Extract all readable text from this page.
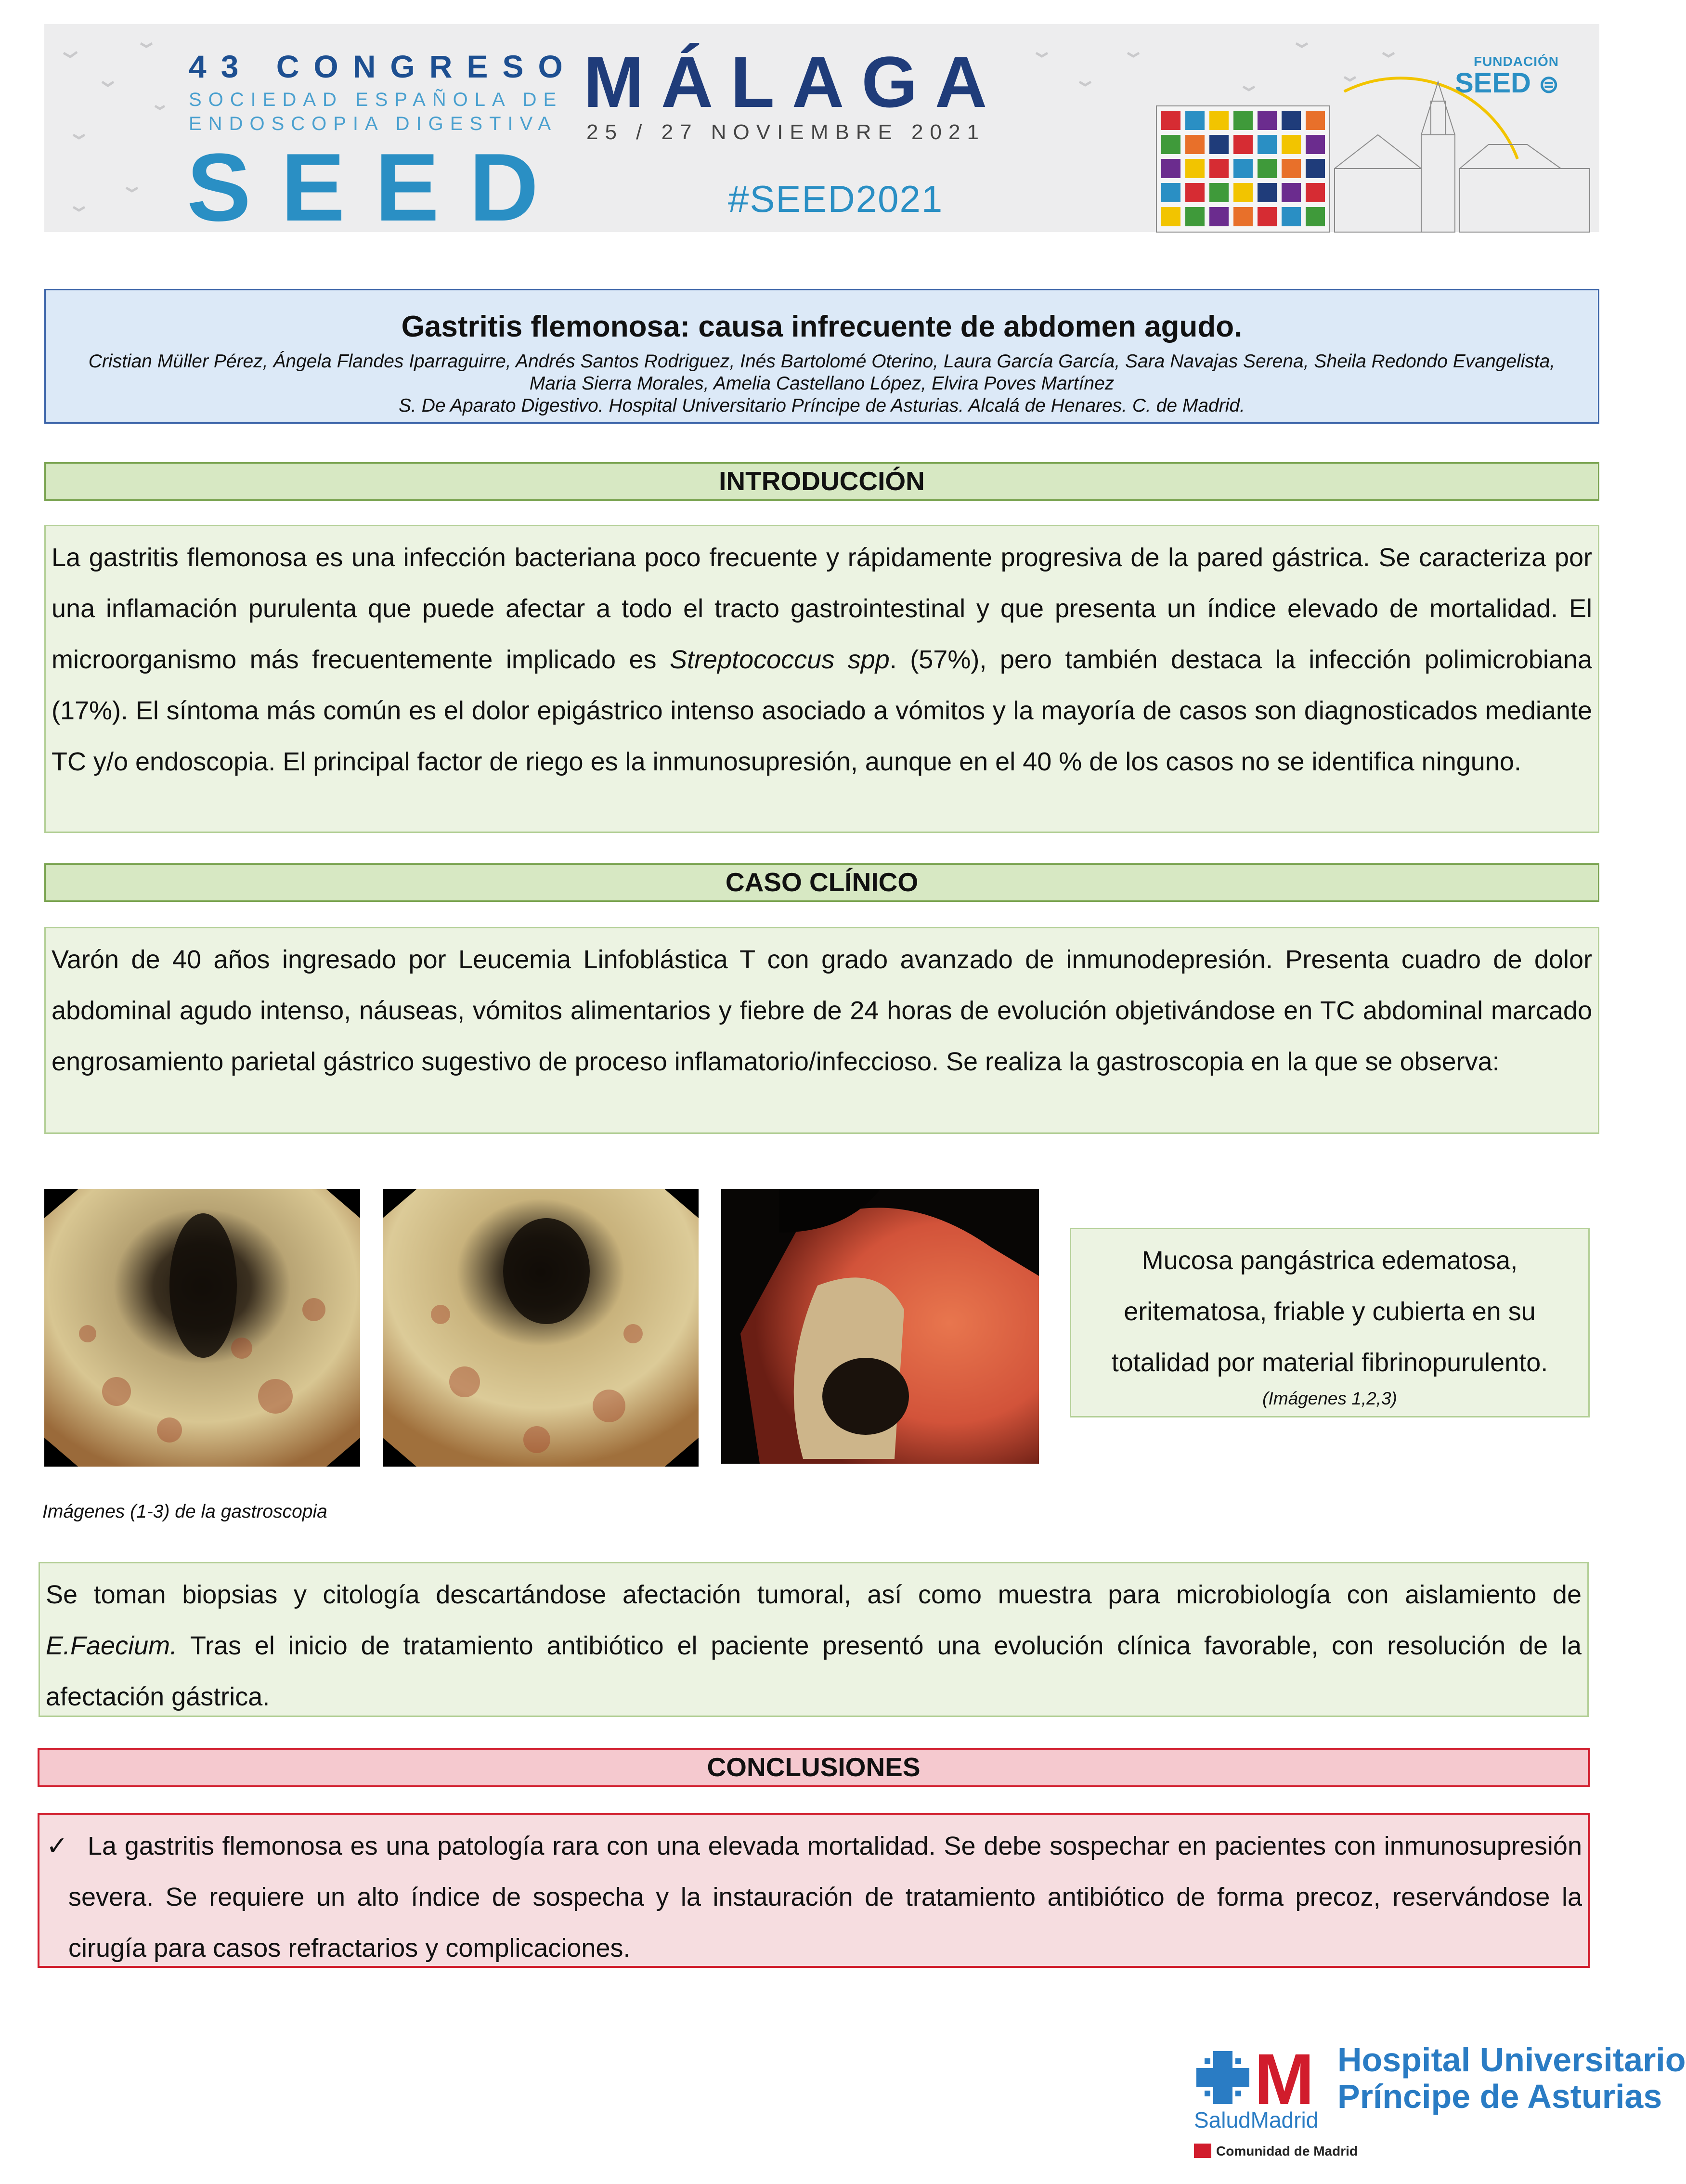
43 CONGRESO
SOCIEDAD ESPAÑOLA DE
ENDOSCOPIA DIGESTIVA
SEED
MÁLAGA
25 / 27 NOVIEMBRE 2021
#SEED2021
FUNDACIÓN
SEED ⊜
Gastritis flemonosa: causa infrecuente de abdomen agudo.
Cristian Müller Pérez, Ángela Flandes Iparraguirre, Andrés Santos Rodriguez, Inés Bartolomé Oterino, Laura García García, Sara Navajas Serena, Sheila Redondo Evangelista, Maria Sierra Morales, Amelia Castellano López, Elvira Poves Martínez
S. De Aparato Digestivo. Hospital Universitario Príncipe de Asturias. Alcalá de Henares. C. de Madrid.
INTRODUCCIÓN
La gastritis flemonosa es una infección bacteriana poco frecuente y rápidamente progresiva de la pared gástrica. Se caracteriza por una inflamación purulenta que puede afectar a todo el tracto gastrointestinal y que presenta un índice elevado de mortalidad. El microorganismo más frecuentemente implicado es Streptococcus spp. (57%), pero también destaca la infección polimicrobiana (17%). El síntoma más común es el dolor epigástrico intenso asociado a vómitos y la mayoría de casos son diagnosticados mediante TC y/o endoscopia. El principal factor de riego es la inmunosupresión, aunque en el 40 % de los casos no se identifica ninguno.
CASO CLÍNICO
Varón de 40 años ingresado por Leucemia Linfoblástica T con grado avanzado de inmunodepresión. Presenta cuadro de dolor abdominal agudo intenso, náuseas, vómitos alimentarios y fiebre de 24 horas de evolución objetivándose en TC abdominal marcado engrosamiento parietal gástrico sugestivo de proceso inflamatorio/infeccioso. Se realiza la gastroscopia en la que se observa:
Mucosa pangástrica edematosa, eritematosa, friable y cubierta en su totalidad por material fibrinopurulento.
(Imágenes 1,2,3)
Imágenes (1-3) de la gastroscopia
Se toman biopsias y citología descartándose afectación tumoral, así como muestra para microbiología con aislamiento de E.Faecium. Tras el inicio de tratamiento antibiótico el paciente presentó una evolución clínica favorable, con resolución de la afectación gástrica.
CONCLUSIONES
✓ La gastritis flemonosa es una patología rara con una elevada mortalidad. Se debe sospechar en pacientes con inmunosupresión severa. Se requiere un alto índice de sospecha y la instauración de tratamiento antibiótico de forma precoz, reservándose la cirugía para casos refractarios y complicaciones.
M Hospital Universitario
Príncipe de Asturias
SaludMadrid
Comunidad de Madrid
